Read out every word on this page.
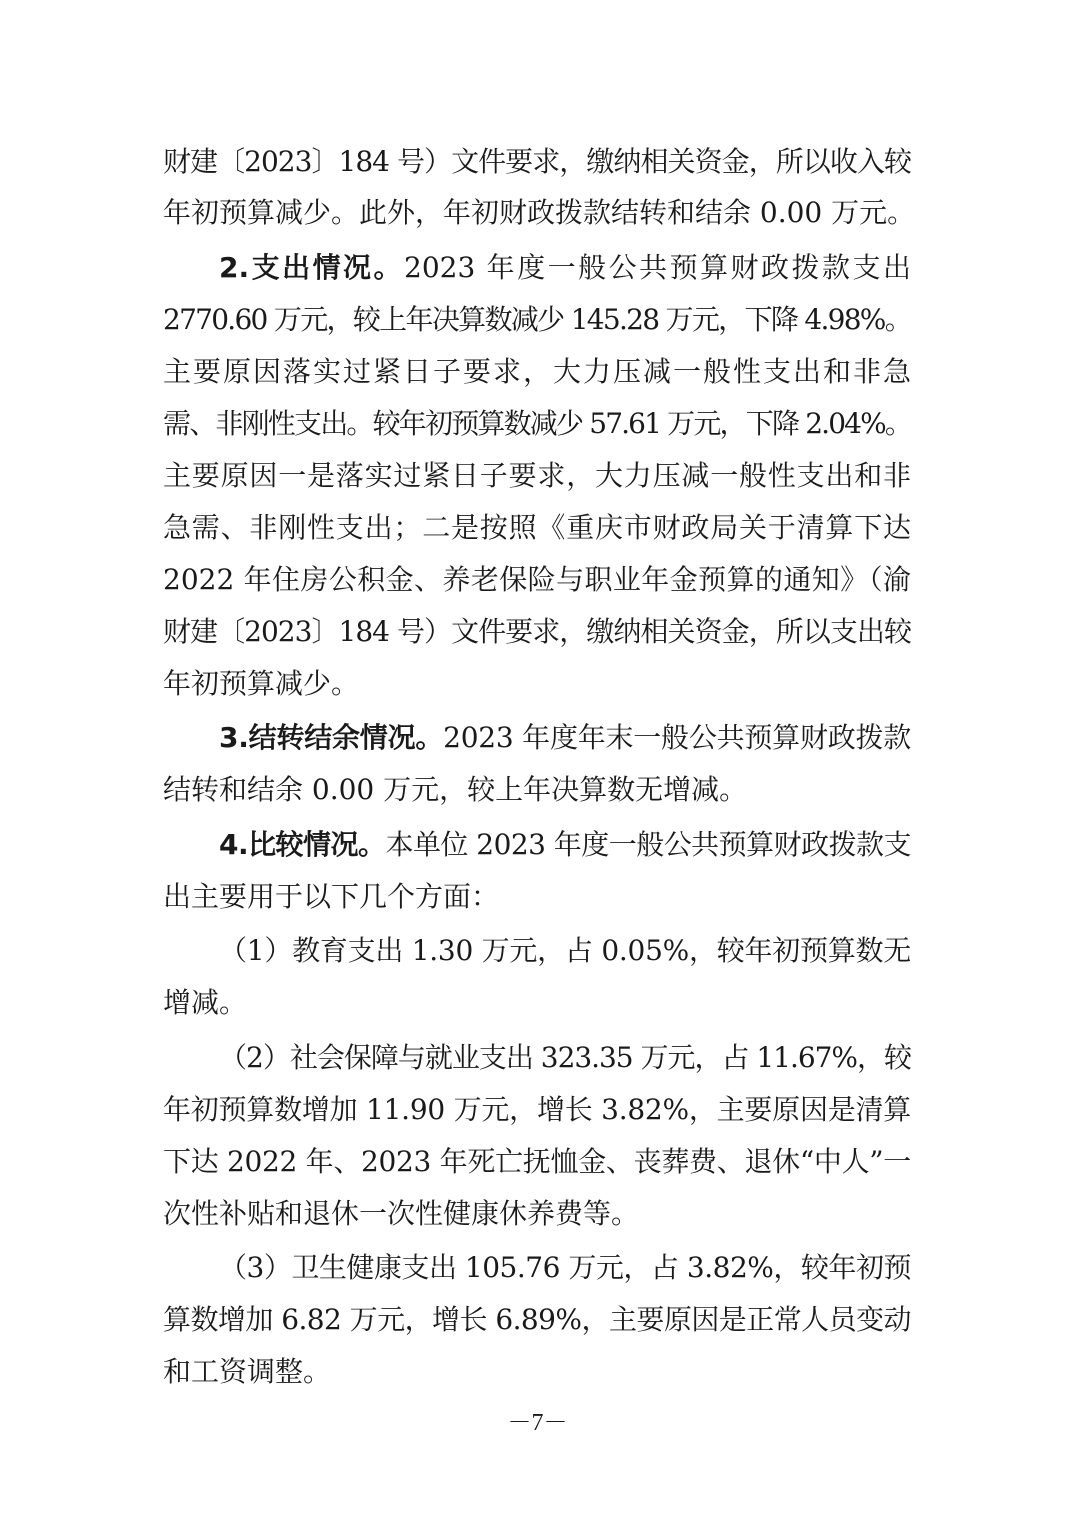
财建〔2023〕184 号）文件要求，缴纳相关资金，所以收入较
年初预算减少。此外，年初财政拨款结转和结余 0.00 万元。
2.支出情况。2023 年度一般公共预算财政拨款支出
2770.60 万元，较上年决算数减少 145.28 万元，下降 4.98%。
主要原因落实过紧日子要求，大力压减一般性支出和非急
需、非刚性支出。较年初预算数减少 57.61 万元，下降 2.04%。
主要原因一是落实过紧日子要求，大力压减一般性支出和非
急需、非刚性支出；二是按照《重庆市财政局关于清算下达
2022 年住房公积金、养老保险与职业年金预算的通知》（渝
财建〔2023〕184 号）文件要求，缴纳相关资金，所以支出较
年初预算减少。
3.结转结余情况。2023 年度年末一般公共预算财政拨款
结转和结余 0.00 万元，较上年决算数无增减。
4.比较情况。本单位 2023 年度一般公共预算财政拨款支
出主要用于以下几个方面：
（1）教育支出 1.30 万元，占 0.05%，较年初预算数无
增减。
（2）社会保障与就业支出 323.35 万元，占 11.67%，较
年初预算数增加 11.90 万元，增长 3.82%，主要原因是清算
下达 2022 年、2023 年死亡抚恤金、丧葬费、退休“中人”一
次性补贴和退休一次性健康休养费等。
（3）卫生健康支出 105.76 万元，占 3.82%，较年初预
算数增加 6.82 万元，增长 6.89%，主要原因是正常人员变动
和工资调整。
－7－
